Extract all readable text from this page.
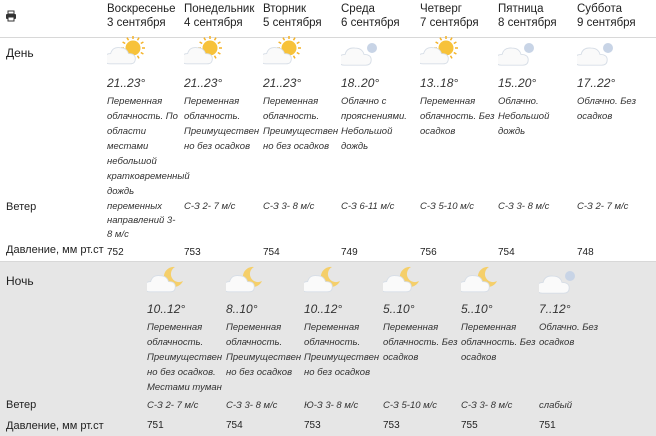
Воскресенье
3 сентября
Понедельник
4 сентября
Вторник
5 сентября
Среда
6 сентября
Четверг
7 сентября
Пятница
8 сентября
Суббота
9 сентября
День
Ветер
Давление, мм рт.ст
Ночь
Ветер
Давление, мм рт.ст
21..23°
Переменная облачность. По области местами небольшой кратковременный дождь
переменных направлений 3- 8 м/с
752
21..23°
Переменная облачность. Преимуществен но без осадков
С-З 2- 7 м/с
753
21..23°
Переменная облачность. Преимуществен но без осадков
С-З 3- 8 м/с
754
18..20°
Облачно с прояснениями. Небольшой дождь
С-З 6-11 м/с
749
13..18°
Переменная облачность. Без осадков
С-З 5-10 м/с
756
15..20°
Облачно. Небольшой дождь
С-З 3- 8 м/с
754
17..22°
Облачно. Без осадков
С-З 2- 7 м/с
748
10..12°
Переменная облачность. Преимуществен но без осадков. Местами туман
С-З 2- 7 м/с
751
8..10°
Переменная облачность. Преимуществен но без осадков
С-З 3- 8 м/с
754
10..12°
Переменная облачность. Преимуществен но без осадков
Ю-З 3- 8 м/с
753
5..10°
Переменная облачность. Без осадков
С-З 5-10 м/с
753
5..10°
Переменная облачность. Без осадков
С-З 3- 8 м/с
755
7..12°
Облачно. Без осадков
слабый
751
